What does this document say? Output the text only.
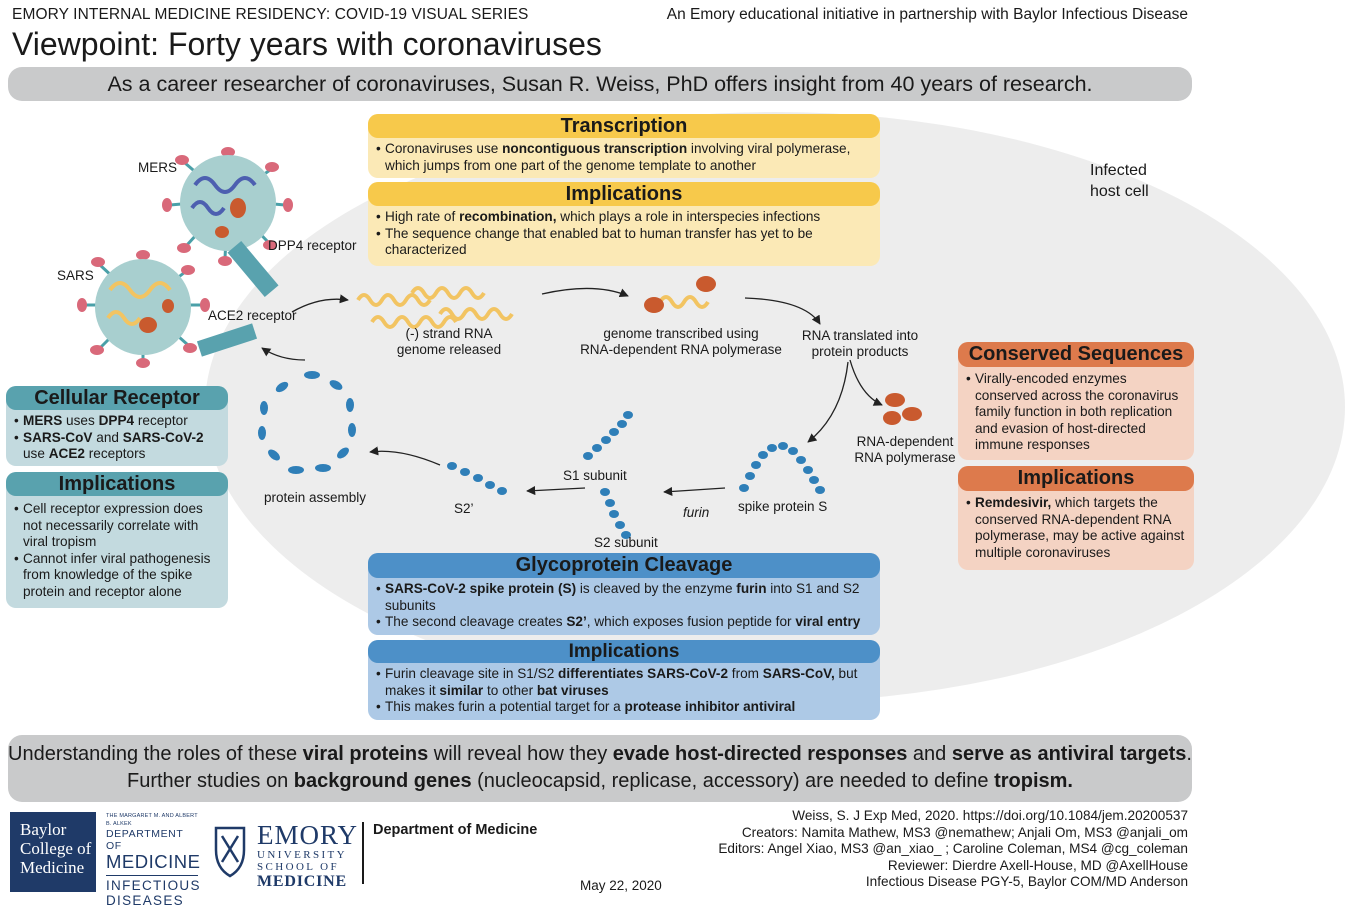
EMORY INTERNAL MEDICINE RESIDENCY: COVID-19 VISUAL SERIES	An Emory educational initiative in partnership with Baylor Infectious Disease
Viewpoint: Forty years with coronaviruses
As a career researcher of coronaviruses, Susan R. Weiss, PhD offers insight from 40 years of research.
Infected
host cell
MERS
SARS
DPP4 receptor
ACE2 receptor
(-) strand RNA
genome released
genome transcribed using
RNA-dependent RNA polymerase
RNA translated into
protein products
RNA-dependent
RNA polymerase
spike protein S
furin
S1 subunit
S2 subunit
S2’
protein assembly
Transcription
• Coronaviruses use noncontiguous transcription involving viral polymerase, which jumps from one part of the genome template to another
Implications
• High rate of recombination, which plays a role in interspecies infections
• The sequence change that enabled bat to human transfer has yet to be characterized
Cellular Receptor
• MERS uses DPP4 receptor
• SARS-CoV and SARS-CoV-2 use ACE2 receptors
Implications
• Cell receptor expression does not necessarily correlate with viral tropism
• Cannot infer viral pathogenesis from knowledge of the spike protein and receptor alone
Glycoprotein Cleavage
• SARS-CoV-2 spike protein (S) is cleaved by the enzyme furin into S1 and S2 subunits
• The second cleavage creates S2’, which exposes fusion peptide for viral entry
Implications
• Furin cleavage site in S1/S2 differentiates SARS-CoV-2 from SARS-CoV, but makes it similar to other bat viruses
• This makes furin a potential target for a protease inhibitor antiviral
Conserved Sequences
• Virally-encoded enzymes conserved across the coronavirus family function in both replication and evasion of host-directed immune responses
Implications
• Remdesivir, which targets the conserved RNA-dependent RNA polymerase, may be active against multiple coronaviruses
Understanding the roles of these viral proteins will reveal how they evade host-directed responses and serve as antiviral targets.
Further studies on background genes (nucleocapsid, replicase, accessory) are needed to define tropism.
Baylor
College of
Medicine
THE MARGARET M. AND ALBERT B. ALKEK
DEPARTMENT OF
MEDICINE
INFECTIOUS
DISEASES
EMORY
UNIVERSITY
SCHOOL OF
MEDICINE
Department of Medicine
May 22, 2020
Weiss, S. J Exp Med, 2020. https://doi.org/10.1084/jem.20200537
Creators: Namita Mathew, MS3 @nemathew; Anjali Om, MS3 @anjali_om
Editors: Angel Xiao, MS3 @an_xiao_ ; Caroline Coleman, MS4 @cg_coleman
Reviewer: Dierdre Axell-House, MD @AxellHouse
Infectious Disease PGY-5, Baylor COM/MD Anderson
